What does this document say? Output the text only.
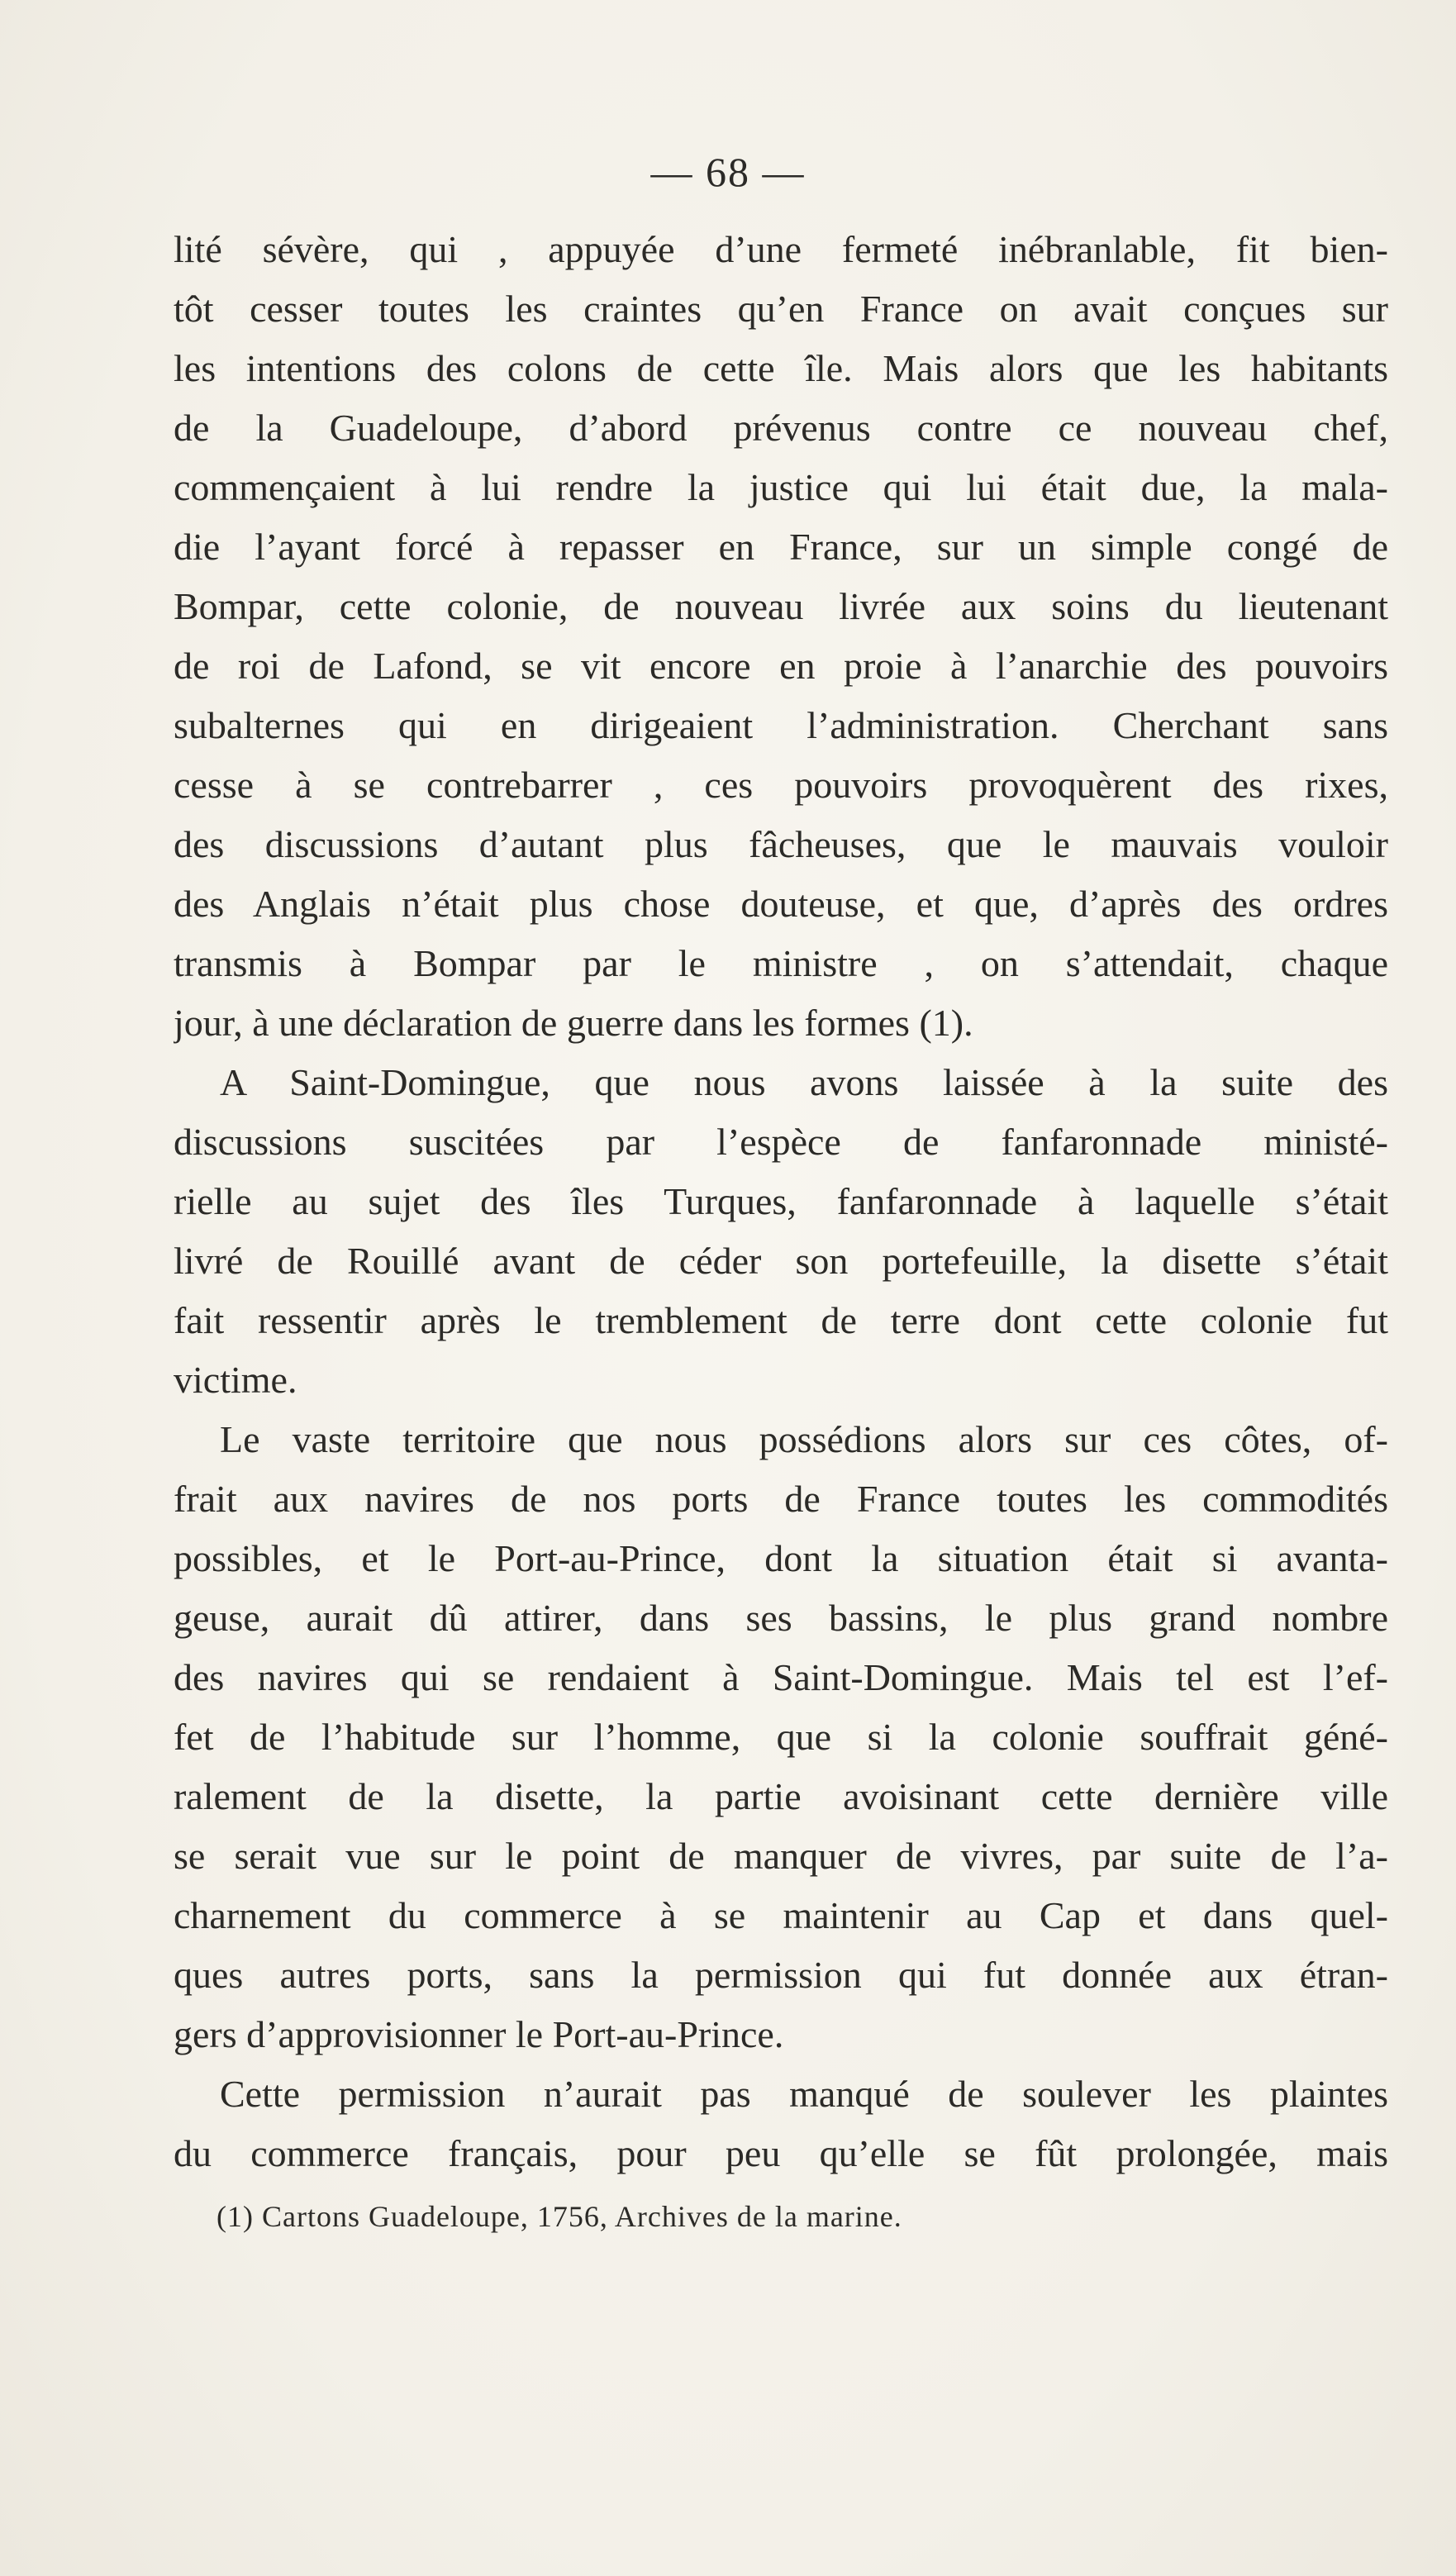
— 68 —
lité sévère, qui , appuyée d’une fermeté inébranlable, fit bien-
tôt cesser toutes les craintes qu’en France on avait conçues sur
les intentions des colons de cette île. Mais alors que les habitants
de la Guadeloupe, d’abord prévenus contre ce nouveau chef,
commençaient à lui rendre la justice qui lui était due, la mala-
die l’ayant forcé à repasser en France, sur un simple congé de
Bompar, cette colonie, de nouveau livrée aux soins du lieutenant
de roi de Lafond, se vit encore en proie à l’anarchie des pouvoirs
subalternes qui en dirigeaient l’administration. Cherchant sans
cesse à se contrebarrer , ces pouvoirs provoquèrent des rixes,
des discussions d’autant plus fâcheuses, que le mauvais vouloir
des Anglais n’était plus chose douteuse, et que, d’après des ordres
transmis à Bompar par le ministre , on s’attendait, chaque
jour, à une déclaration de guerre dans les formes (1).
A Saint-Domingue, que nous avons laissée à la suite des
discussions suscitées par l’espèce de fanfaronnade ministé-
rielle au sujet des îles Turques, fanfaronnade à laquelle s’était
livré de Rouillé avant de céder son portefeuille, la disette s’était
fait ressentir après le tremblement de terre dont cette colonie fut
victime.
Le vaste territoire que nous possédions alors sur ces côtes, of-
frait aux navires de nos ports de France toutes les commodités
possibles, et le Port-au-Prince, dont la situation était si avanta-
geuse, aurait dû attirer, dans ses bassins, le plus grand nombre
des navires qui se rendaient à Saint-Domingue. Mais tel est l’ef-
fet de l’habitude sur l’homme, que si la colonie souffrait géné-
ralement de la disette, la partie avoisinant cette dernière ville
se serait vue sur le point de manquer de vivres, par suite de l’a-
charnement du commerce à se maintenir au Cap et dans quel-
ques autres ports, sans la permission qui fut donnée aux étran-
gers d’approvisionner le Port-au-Prince.
Cette permission n’aurait pas manqué de soulever les plaintes
du commerce français, pour peu qu’elle se fût prolongée, mais
(1) Cartons Guadeloupe, 1756, Archives de la marine.
